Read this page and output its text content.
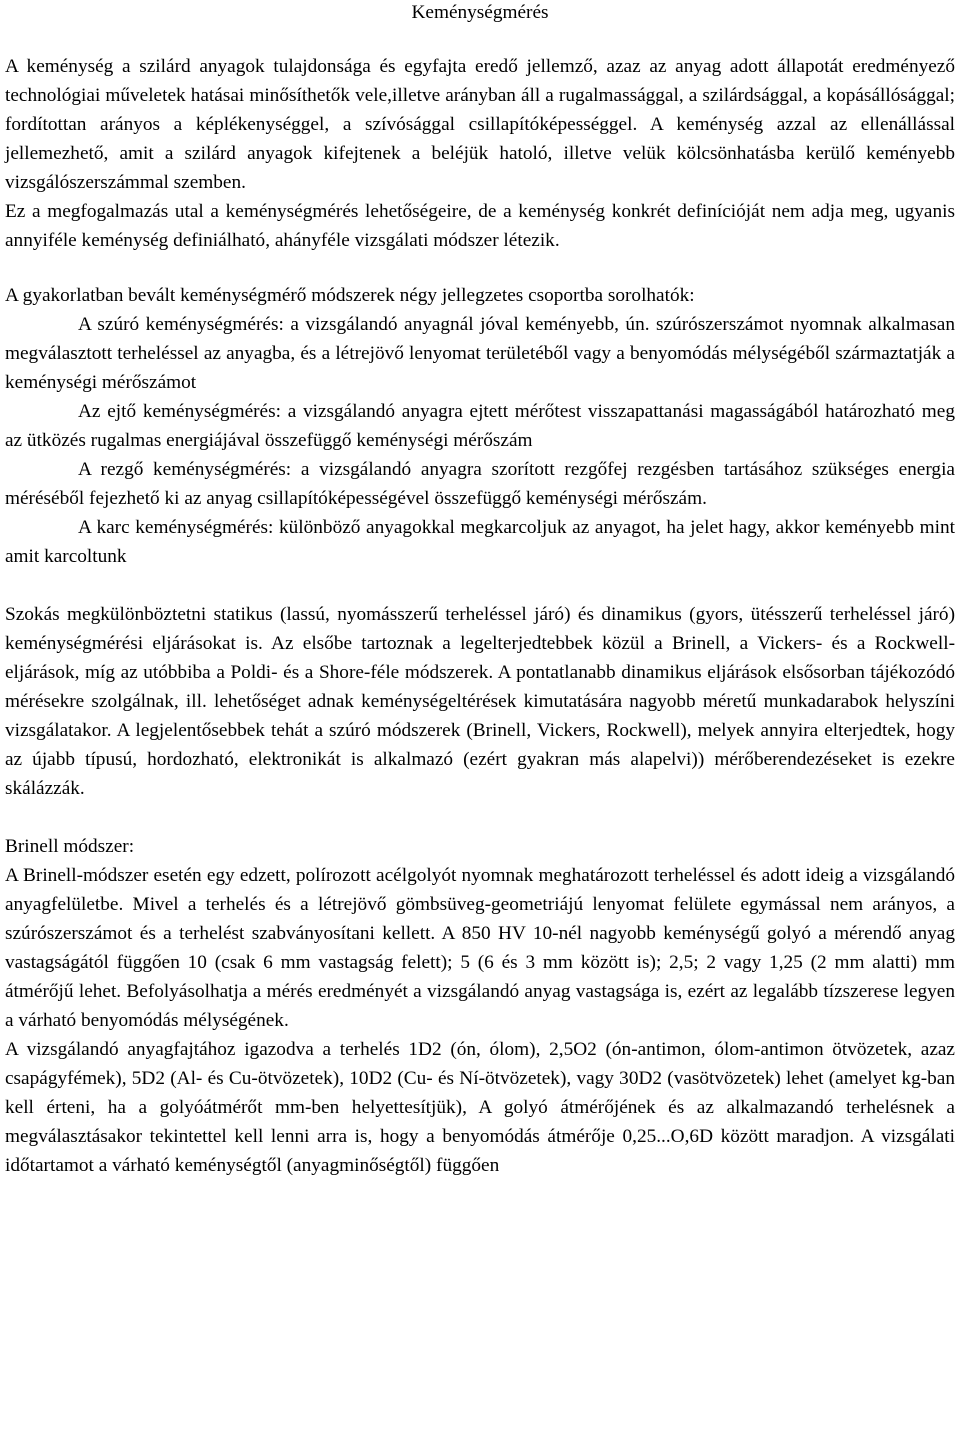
Keménységmérés

A keménység a szilárd anyagok tulajdonsága és egyfajta eredő jellemző, azaz az anyag adott állapotát eredményező technológiai műveletek hatásai minősíthetők vele,illetve arányban áll a rugalmassággal, a szilárdsággal, a kopásállósággal; fordítottan arányos a képlékenységgel, a szívósággal csillapítóképességgel. A keménység azzal az ellenállással jellemezhető, amit a szilárd anyagok kifejtenek a beléjük hatoló, illetve velük kölcsönhatásba kerülő keményebb vizsgálószerszámmal szemben.

Ez a megfogalmazás utal a keménységmérés lehetőségeire, de a keménység konkrét definícióját nem adja meg, ugyanis annyiféle keménység definiálható, ahányféle vizsgálati módszer létezik.

A gyakorlatban bevált keménységmérő módszerek négy jellegzetes csoportba sorolhatók:

A szúró keménységmérés: a vizsgálandó anyagnál jóval keményebb, ún. szúrószerszámot nyomnak alkalmasan megválasztott terheléssel az anyagba, és a létrejövő lenyomat területéből vagy a benyomódás mélységéből származtatják a keménységi mérőszámot

Az ejtő keménységmérés: a vizsgálandó anyagra ejtett mérőtest visszapattanási magasságából határozható meg az ütközés rugalmas energiájával összefüggő keménységi mérőszám

A rezgő keménységmérés: a vizsgálandó anyagra szorított rezgőfej rezgésben tartásához szükséges energia méréséből fejezhető ki az anyag csillapítóképességével összefüggő keménységi mérőszám.

A karc keménységmérés: különböző anyagokkal megkarcoljuk az anyagot, ha jelet hagy, akkor keményebb mint amit karcoltunk

Szokás megkülönböztetni statikus (lassú, nyomásszerű terheléssel járó) és dinamikus (gyors, ütésszerű terheléssel járó) keménységmérési eljárásokat is. Az elsőbe tartoznak a legelterjedtebbek közül a Brinell, a Vickers- és a Rockwell-eljárások, míg az utóbbiba a Poldi- és a Shore-féle módszerek. A pontatlanabb dinamikus eljárások elsősorban tájékozódó mérésekre szolgálnak, ill. lehetőséget adnak keménységeltérések kimutatására nagyobb méretű munkadarabok helyszíni vizsgálatakor. A legjelentősebbek tehát a szúró módszerek (Brinell, Vickers, Rockwell), melyek annyira elterjedtek, hogy az újabb típusú, hordozható, elektronikát is alkalmazó (ezért gyakran más alapelvi)) mérőberendezéseket is ezekre skálázzák.

Brinell módszer:

A Brinell-módszer esetén egy edzett, polírozott acélgolyót nyomnak meghatározott terheléssel és adott ideig a vizsgálandó anyagfelületbe. Mivel a terhelés és a létrejövő gömbsüveg-geometriájú lenyomat felülete egymással nem arányos, a szúrószerszámot és a terhelést szabványosítani kellett. A 850 HV 10-nél nagyobb keménységű golyó a mérendő anyag vastagságától függően 10 (csak 6 mm vastagság felett); 5 (6 és 3 mm között is); 2,5; 2 vagy 1,25 (2 mm alatti) mm átmérőjű lehet. Befolyásolhatja a mérés eredményét a vizsgálandó anyag vastagsága is, ezért az legalább tízszerese legyen a várható benyomódás mélységének.

A vizsgálandó anyagfajtához igazodva a terhelés 1D2 (ón, ólom), 2,5O2 (ón-antimon, ólom-antimon ötvözetek, azaz csapágyfémek), 5D2 (Al- és Cu-ötvözetek), 10D2 (Cu- és Ní-ötvözetek), vagy 30D2 (vasötvözetek) lehet (amelyet kg-ban kell érteni, ha a golyóátmérőt mm-ben helyettesítjük), A golyó átmérőjének és az alkalmazandó terhelésnek a megválasztásakor tekintettel kell lenni arra is, hogy a benyomódás átmérője 0,25...O,6D között maradjon. A vizsgálati időtartamot a várható keménységtől (anyagminőségtől) függően
